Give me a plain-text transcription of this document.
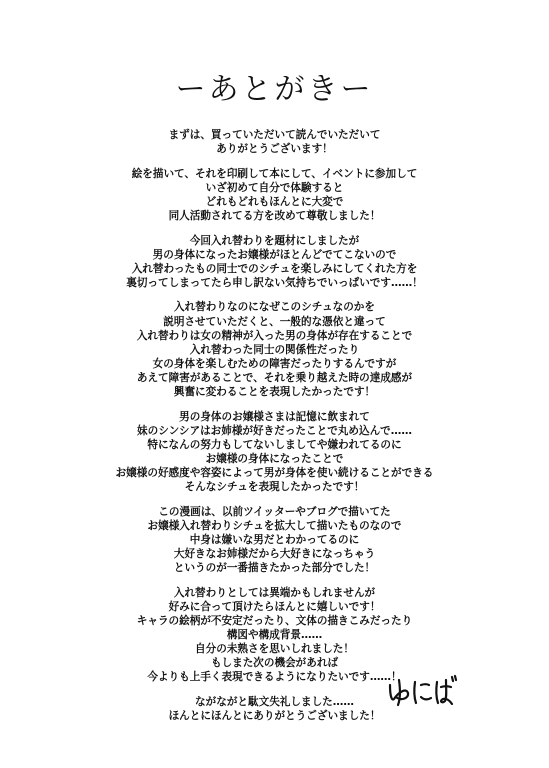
ーあとがきー
まずは、買っていただいて読んでいただいて
ありがとうございます！
絵を描いて、それを印刷して本にして、イベントに参加して
いざ初めて自分で体験すると
どれもどれもほんとに大変で
同人活動されてる方を改めて尊敬しました！
今回入れ替わりを題材にしましたが
男の身体になったお嬢様がほとんどでてこないので
入れ替わったもの同士でのシチュを楽しみにしてくれた方を
裏切ってしまってたら申し訳ない気持ちでいっぱいです……！
入れ替わりなのになぜこのシチュなのかを
説明させていただくと、一般的な憑依と違って
入れ替わりは女の精神が入った男の身体が存在することで
入れ替わった同士の関係性だったり
女の身体を楽しむための障害だったりするんですが
あえて障害があることで、それを乗り越えた時の達成感が
興奮に変わることを表現したかったです！
男の身体のお嬢様さまは記憶に飲まれて
妹のシンシアはお姉様が好きだったことで丸め込んで……
特になんの努力もしてないしましてや嫌われてるのに
お嬢様の身体になったことで
お嬢様の好感度や容姿によって男が身体を使い続けることができる
そんなシチュを表現したかったです！
この漫画は、以前ツイッターやブログで描いてた
お嬢様入れ替わりシチュを拡大して描いたものなので
中身は嫌いな男だとわかってるのに
大好きなお姉様だから大好きになっちゃう
というのが一番描きたかった部分でした！
入れ替わりとしては異端かもしれませんが
好みに合って頂けたらほんとに嬉しいです！
キャラの絵柄が不安定だったり、文体の描きこみだったり
構図や構成背景……
自分の未熟さを思いしれました！
もしまた次の機会があれば
今よりも上手く表現できるようになりたいです……！
ながながと駄文失礼しました……
ほんとにほんとにありがとうございました！
